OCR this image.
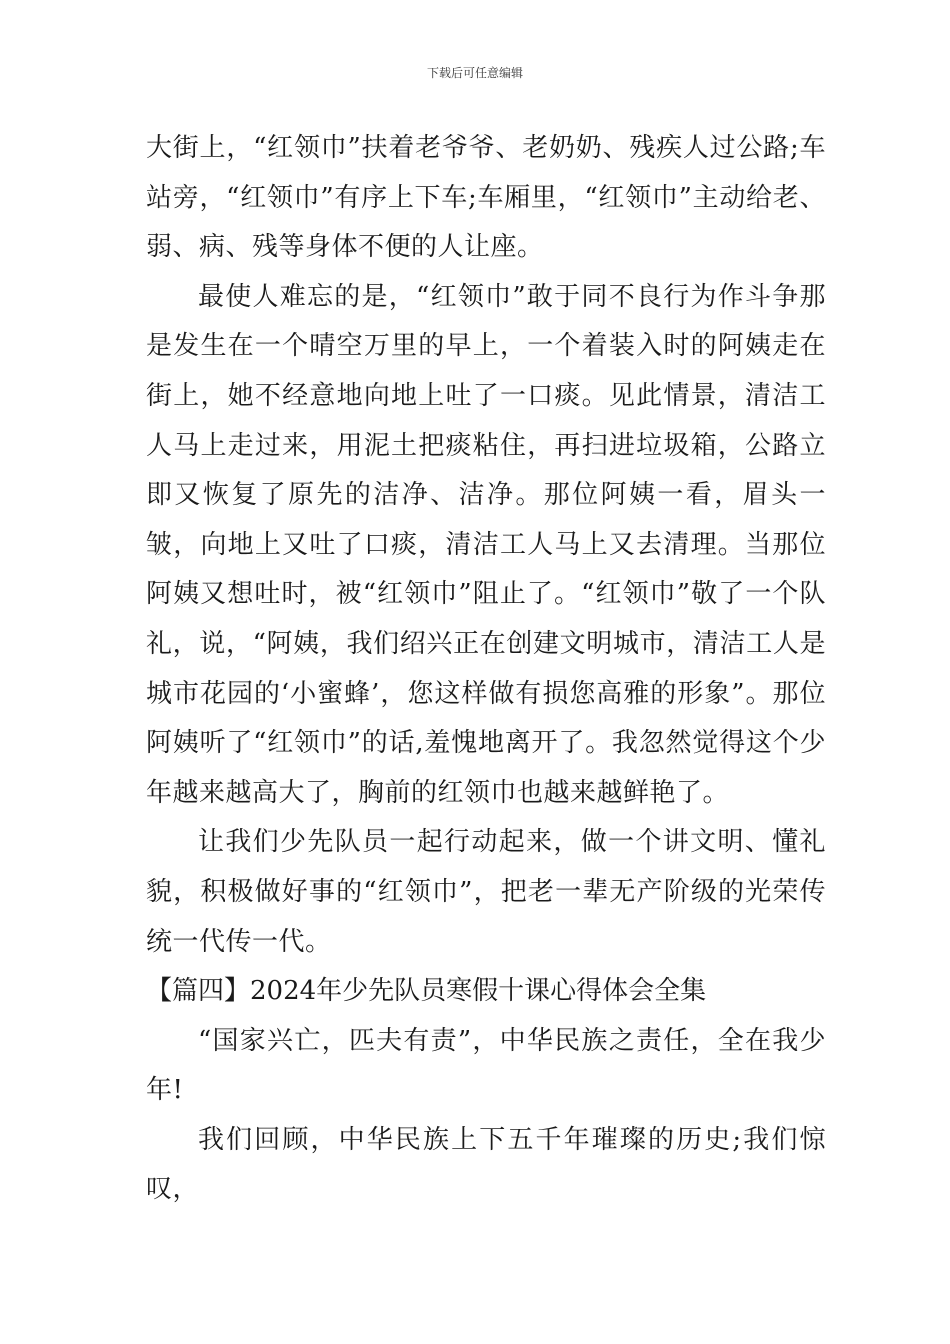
下载后可任意编辑

大街上，“红领巾”扶着老爷爷、老奶奶、残疾人过公路;车站旁，“红领巾”有序上下车;车厢里，“红领巾”主动给老、弱、病、残等身体不便的人让座。

最使人难忘的是，“红领巾”敢于同不良行为作斗争那是发生在一个晴空万里的早上，一个着装入时的阿姨走在街上，她不经意地向地上吐了一口痰。见此情景，清洁工人马上走过来，用泥土把痰粘住，再扫进垃圾箱，公路立即又恢复了原先的洁净、洁净。那位阿姨一看，眉头一皱，向地上又吐了口痰，清洁工人马上又去清理。当那位阿姨又想吐时，被“红领巾”阻止了。“红领巾”敬了一个队礼，说，“阿姨，我们绍兴正在创建文明城市，清洁工人是城市花园的‘小蜜蜂’，您这样做有损您高雅的形象”。那位阿姨听了“红领巾”的话,羞愧地离开了。我忽然觉得这个少年越来越高大了，胸前的红领巾也越来越鲜艳了。

让我们少先队员一起行动起来，做一个讲文明、懂礼貌，积极做好事的“红领巾”，把老一辈无产阶级的光荣传统一代传一代。

【篇四】2024年少先队员寒假十课心得体会全集

“国家兴亡，匹夫有责”，中华民族之责任，全在我少年!

我们回顾，中华民族上下五千年璀璨的历史;我们惊叹，
